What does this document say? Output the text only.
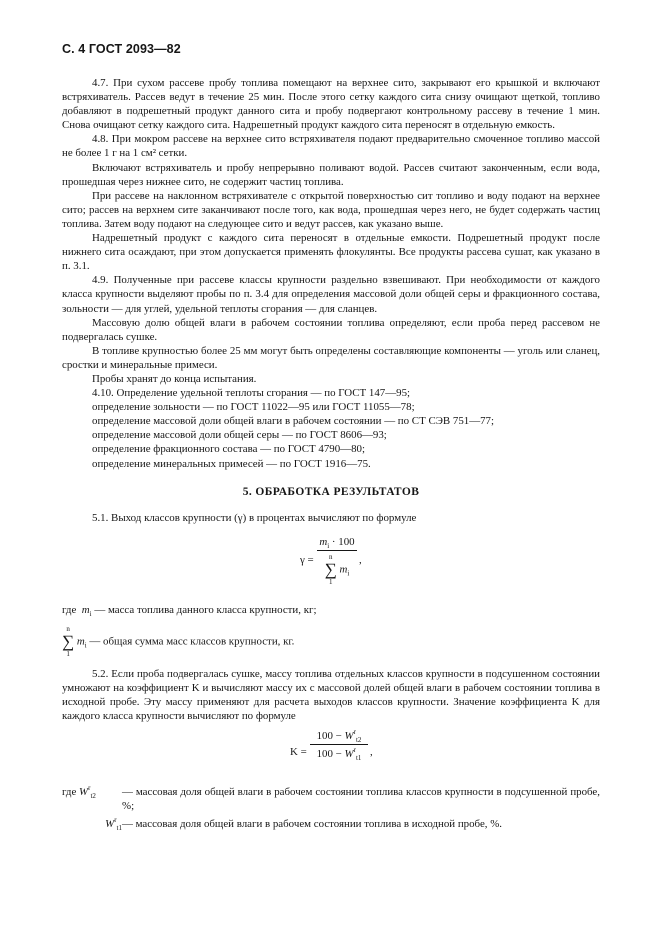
С. 4 ГОСТ 2093—82

4.7. При сухом рассеве пробу топлива помещают на верхнее сито, закрывают его крышкой и включают встряхиватель. Рассев ведут в течение 25 мин. После этого сетку каждого сита снизу очищают щеткой, топливо добавляют в подрешетный продукт данного сита и пробу подвергают контрольному рассеву в течение 1 мин. Снова очищают сетку каждого сита. Надрешетный продукт каждого сита переносят в отдельную емкость.

4.8. При мокром рассеве на верхнее сито встряхивателя подают предварительно смоченное топливо массой не более 1 г на 1 см² сетки.

Включают встряхиватель и пробу непрерывно поливают водой. Рассев считают законченным, если вода, прошедшая через нижнее сито, не содержит частиц топлива.

При рассеве на наклонном встряхивателе с открытой поверхностью сит топливо и воду подают на верхнее сито; рассев на верхнем сите заканчивают после того, как вода, прошедшая через него, не будет содержать частиц топлива. Затем воду подают на следующее сито и ведут рассев, как указано выше.

Надрешетный продукт с каждого сита переносят в отдельные емкости. Подрешетный продукт после нижнего сита осаждают, при этом допускается применять флокулянты. Все продукты рассева сушат, как указано в п. 3.1.

4.9. Полученные при рассеве классы крупности раздельно взвешивают. При необходимости от каждого класса крупности выделяют пробы по п. 3.4 для определения массовой доли общей серы и фракционного состава, зольности — для углей, удельной теплоты сгорания — для сланцев.

Массовую долю общей влаги в рабочем состоянии топлива определяют, если проба перед рассевом не подвергалась сушке.

В топливе крупностью более 25 мм могут быть определены составляющие компоненты — уголь или сланец, сростки и минеральные примеси.

Пробы хранят до конца испытания.

4.10. Определение удельной теплоты сгорания — по ГОСТ 147—95;
определение зольности — по ГОСТ 11022—95 или ГОСТ 11055—78;
определение массовой доли общей влаги в рабочем состоянии — по СТ СЭВ 751—77;
определение массовой доли общей серы — по ГОСТ 8606—93;
определение фракционного состава — по ГОСТ 4790—80;
определение минеральных примесей — по ГОСТ 1916—75.
5. ОБРАБОТКА РЕЗУЛЬТАТОВ

5.1. Выход классов крупности (γ) в процентах вычисляют по формуле

$\gamma = m_i \cdot 100$
n
∑
1
$m_i$ ,
где $m_i$ — масса топлива данного класса крупности, кг;
n
∑
1
$m_i$ — общая сумма масс классов крупности, кг.

5.2. Если проба подвергалась сушке, массу топлива отдельных классов крупности в подсушенном состоянии умножают на коэффициент K и вычисляют массу их с массовой долей общей влаги в рабочем состоянии топлива в исходной пробе. Эту массу применяют для расчета выходов классов крупности. Значение коэффициента K для каждого класса крупности вычисляют по формуле

K =
$100 - W^r_{t2}$
$100 - W^r_{t1}$
,
где $W^r_{t2}$	— массовая доля общей влаги в рабочем состоянии топлива классов крупности в подсушенной пробе, %;
$W^r_{t1}$ — массовая доля общей влаги в рабочем состоянии топлива в исходной пробе, %.
